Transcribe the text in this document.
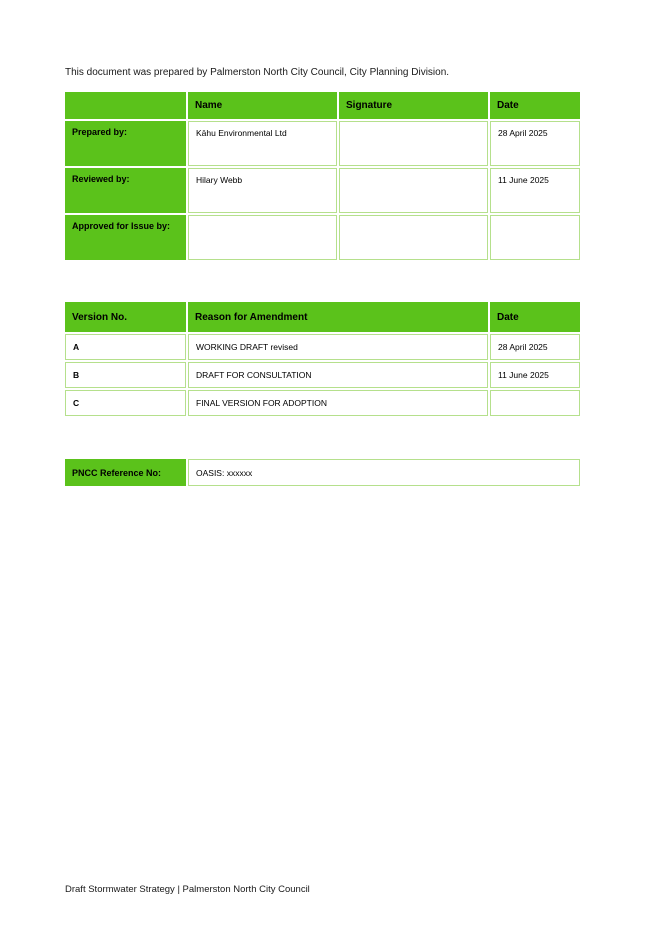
This document was prepared by Palmerston North City Council, City Planning Division.

	Name	Signature	Date
Prepared by:	Kāhu Environmental Ltd		28 April 2025
Reviewed by:	Hilary Webb		11 June 2025
Approved for Issue by:			
Version No.	Reason for Amendment	Date
A	WORKING DRAFT revised	28 April 2025
B	DRAFT FOR CONSULTATION	11 June 2025
C	FINAL VERSION FOR ADOPTION	
PNCC Reference No:	OASIS: xxxxxx
Draft Stormwater Strategy | Palmerston North City Council
